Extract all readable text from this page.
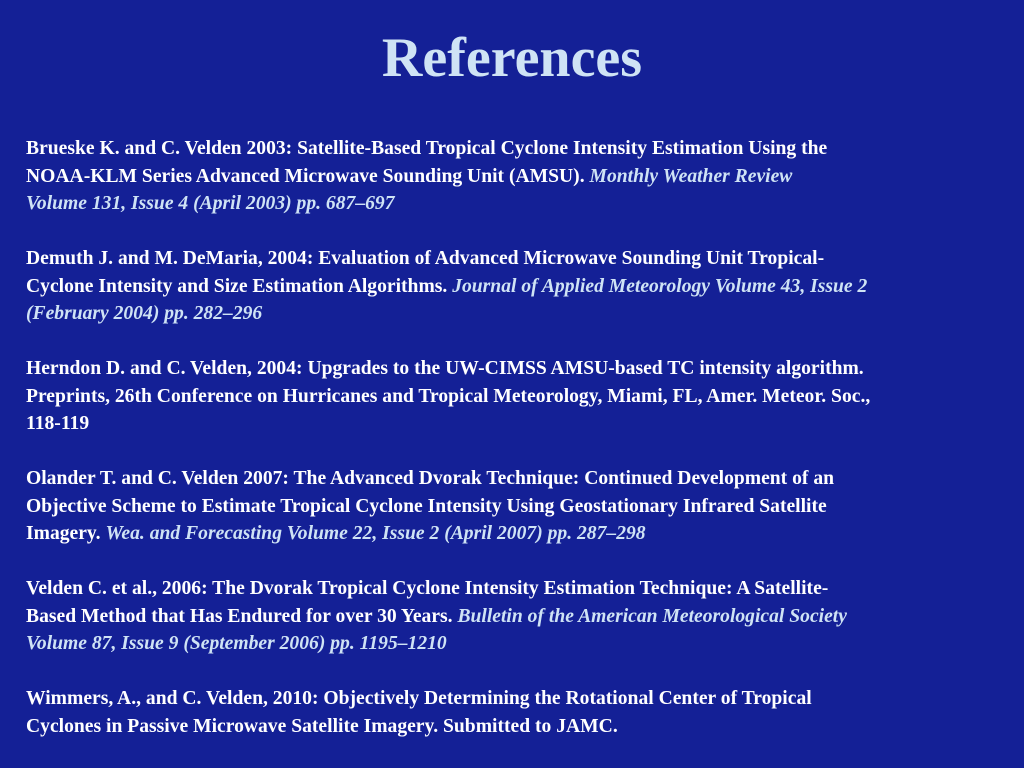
References
Brueske K. and C. Velden 2003: Satellite-Based Tropical Cyclone Intensity Estimation Using the
NOAA-KLM Series Advanced Microwave Sounding Unit (AMSU). Monthly Weather Review
Volume 131, Issue 4 (April 2003) pp. 687–697
Demuth J. and M. DeMaria, 2004: Evaluation of Advanced Microwave Sounding Unit Tropical-
Cyclone Intensity and Size Estimation Algorithms. Journal of Applied Meteorology Volume 43, Issue 2
(February 2004) pp. 282–296
Herndon D. and C. Velden, 2004: Upgrades to the UW-CIMSS AMSU-based TC intensity algorithm.
Preprints, 26th Conference on Hurricanes and Tropical Meteorology, Miami, FL, Amer. Meteor. Soc.,
118-119
Olander T. and C. Velden 2007: The Advanced Dvorak Technique: Continued Development of an
Objective Scheme to Estimate Tropical Cyclone Intensity Using Geostationary Infrared Satellite
Imagery. Wea. and Forecasting Volume 22, Issue 2 (April 2007) pp. 287–298
Velden C. et al., 2006: The Dvorak Tropical Cyclone Intensity Estimation Technique: A Satellite-
Based Method that Has Endured for over 30 Years. Bulletin of the American Meteorological Society
Volume 87, Issue 9 (September 2006) pp. 1195–1210
Wimmers, A., and C. Velden, 2010: Objectively Determining the Rotational Center of Tropical
Cyclones in Passive Microwave Satellite Imagery. Submitted to JAMC.
